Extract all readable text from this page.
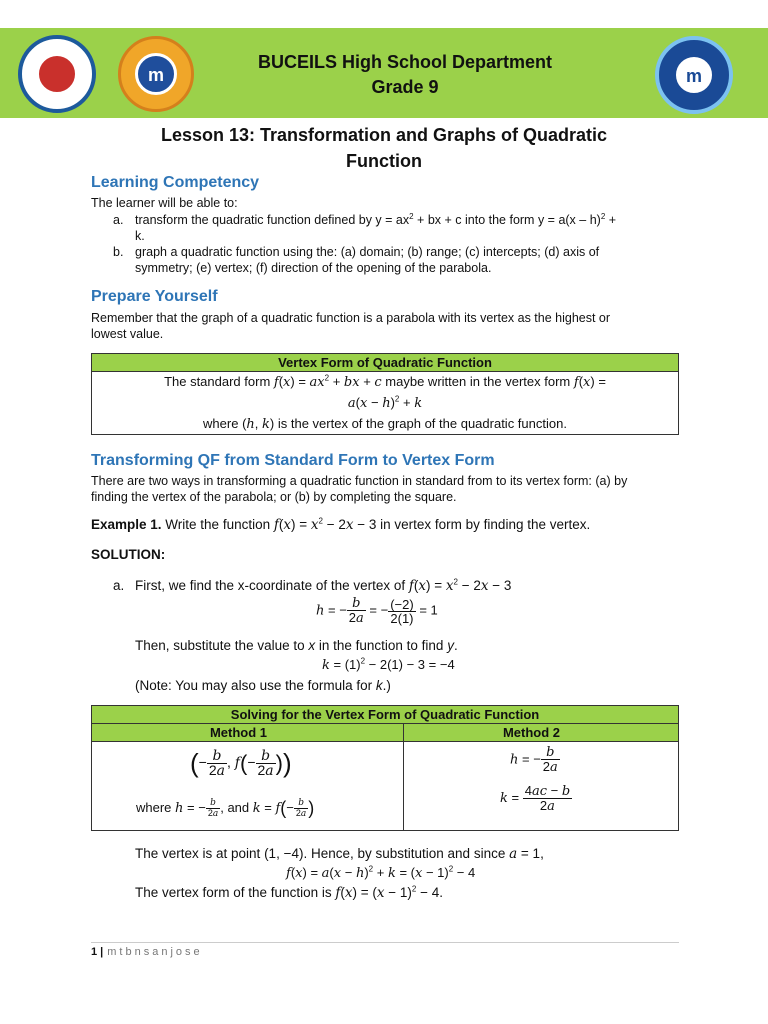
m	m
BUCEILS High School Department
Grade 9
Lesson 13: Transformation and Graphs of Quadratic
Function
Learning Competency
The learner will be able to:
a. transform the quadratic function defined by $y = ax^2$ + bx + c into the form y = a(x – h)$^2$ +
k.
b. graph a quadratic function using the: (a) domain; (b) range; (c) intercepts; (d) axis of
symmetry; (e) vertex; (f) direction of the opening of the parabola.
Prepare Yourself
Remember that the graph of a quadratic function is a parabola with its vertex as the highest or
lowest value.
Vertex Form of Quadratic Function
The standard form $f(x) = ax^2$ + bx + c maybe written in the vertex form f(x) =
$a(x - h)^2 + k$
where (h, k) is the vertex of the graph of the quadratic function.
Transforming QF from Standard Form to Vertex Form
There are two ways in transforming a quadratic function in standard from to its vertex form: (a) by
finding the vertex of the parabola; or (b) by completing the square.
Example 1. Write the function $f(x) = x^2 - 2x - 3$ in vertex form by finding the vertex.
SOLUTION:
a. First, we find the x-coordinate of the vertex of $f(x) = x^2 - 2x - 3$
h = − $\frac{b}{2a}$ = − $\frac{(-2)}{2(1)} = 1$
Then, substitute the value to x in the function to find y.
$k = (1)^2 - 2(1) - 3 = -4$
(Note: You may also use the formula for k.)
Solving for the Vertex Form of Quadratic Function
Method 1	Method 2
(− $\frac{b}{2a}$ , $f(- \frac{b}{2a}$ ))
where h = − $\frac{b}{2a}$ , and $k = f(- \frac{b}{2a}$ )
h = − $\frac{b}{2a}$
$k = \frac{4ac - b}{2a}$
The vertex is at point (1, −4). Hence, by substitution and since a = 1,
$f(x) = a(x - h)^2 + k = (x - 1)^2 - 4$
The vertex form of the function is $f(x) = (x - 1)^2 - 4$.
1 | mtbnsanjose
